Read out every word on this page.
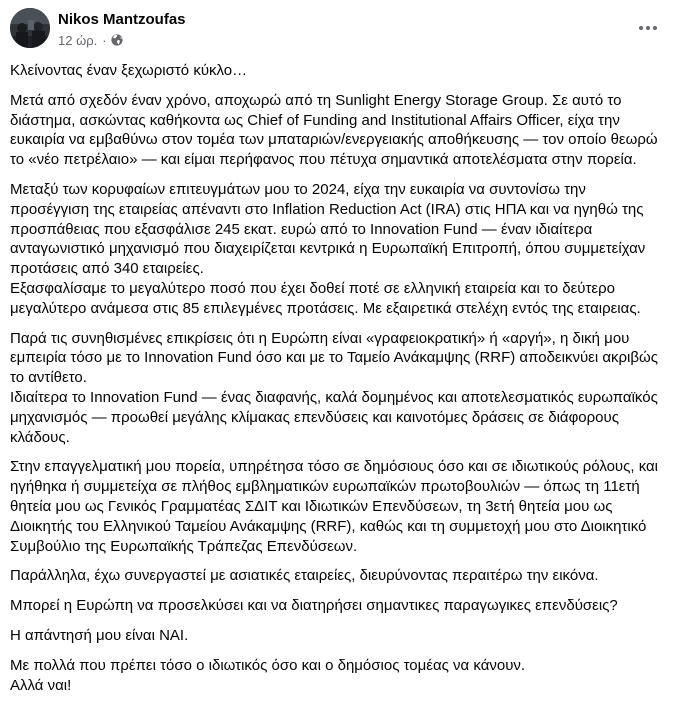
Nikos Mantzoufas
12 ώρ. ·

Κλείνοντας έναν ξεχωριστό κύκλο…

Μετά από σχεδόν έναν χρόνο, αποχωρώ από τη Sunlight Energy Storage Group. Σε αυτό το διάστημα, ασκώντας καθήκοντα ως Chief of Funding and Institutional Affairs Officer, είχα την ευκαιρία να εμβαθύνω στον τομέα των μπαταριών/ενεργειακής αποθήκευσης — τον οποίο θεωρώ το «νέο πετρέλαιο» — και είμαι περήφανος που πέτυχα σημαντικά αποτελέσματα στην πορεία.

Μεταξύ των κορυφαίων επιτευγμάτων μου το 2024, είχα την ευκαιρία να συντονίσω την προσέγγιση της εταιρείας απέναντι στο Inflation Reduction Act (IRA) στις ΗΠΑ και να ηγηθώ της προσπάθειας που εξασφάλισε 245 εκατ. ευρώ από το Innovation Fund — έναν ιδιαίτερα ανταγωνιστικό μηχανισμό που διαχειρίζεται κεντρικά η Ευρωπαϊκή Επιτροπή, όπου συμμετείχαν προτάσεις από 340 εταιρείες.
Εξασφαλίσαμε το μεγαλύτερο ποσό που έχει δοθεί ποτέ σε ελληνική εταιρεία και το δεύτερο μεγαλύτερο ανάμεσα στις 85 επιλεγμένες προτάσεις. Με εξαιρετικά στελέχη εντός της εταιρειας.

Παρά τις συνηθισμένες επικρίσεις ότι η Ευρώπη είναι «γραφειοκρατική» ή «αργή», η δική μου εμπειρία τόσο με το Innovation Fund όσο και με το Ταμείο Ανάκαμψης (RRF) αποδεικνύει ακριβώς το αντίθετο.
Ιδιαίτερα το Innovation Fund — ένας διαφανής, καλά δομημένος και αποτελεσματικός ευρωπαϊκός μηχανισμός — προωθεί μεγάλης κλίμακας επενδύσεις και καινοτόμες δράσεις σε διάφορους κλάδους.

Στην επαγγελματική μου πορεία, υπηρέτησα τόσο σε δημόσιους όσο και σε ιδιωτικούς ρόλους, και ηγήθηκα ή συμμετείχα σε πλήθος εμβληματικών ευρωπαϊκών πρωτοβουλιών — όπως τη 11ετή θητεία μου ως Γενικός Γραμματέας ΣΔΙΤ και Ιδιωτικών Επενδύσεων, τη 3ετή θητεία μου ως Διοικητής του Ελληνικού Ταμείου Ανάκαμψης (RRF), καθώς και τη συμμετοχή μου στο Διοικητικό Συμβούλιο της Ευρωπαϊκής Τράπεζας Επενδύσεων.

Παράλληλα, έχω συνεργαστεί με ασιατικές εταιρείες, διευρύνοντας περαιτέρω την εικόνα.

Μπορεί η Ευρώπη να προσελκύσει και να διατηρήσει σημαντικες παραγωγικες επενδύσεις?

Η απάντησή μου είναι ΝΑΙ.

Με πολλά που πρέπει τόσο ο ιδιωτικός όσο και ο δημόσιος τομέας να κάνουν.
Αλλά ναι!
